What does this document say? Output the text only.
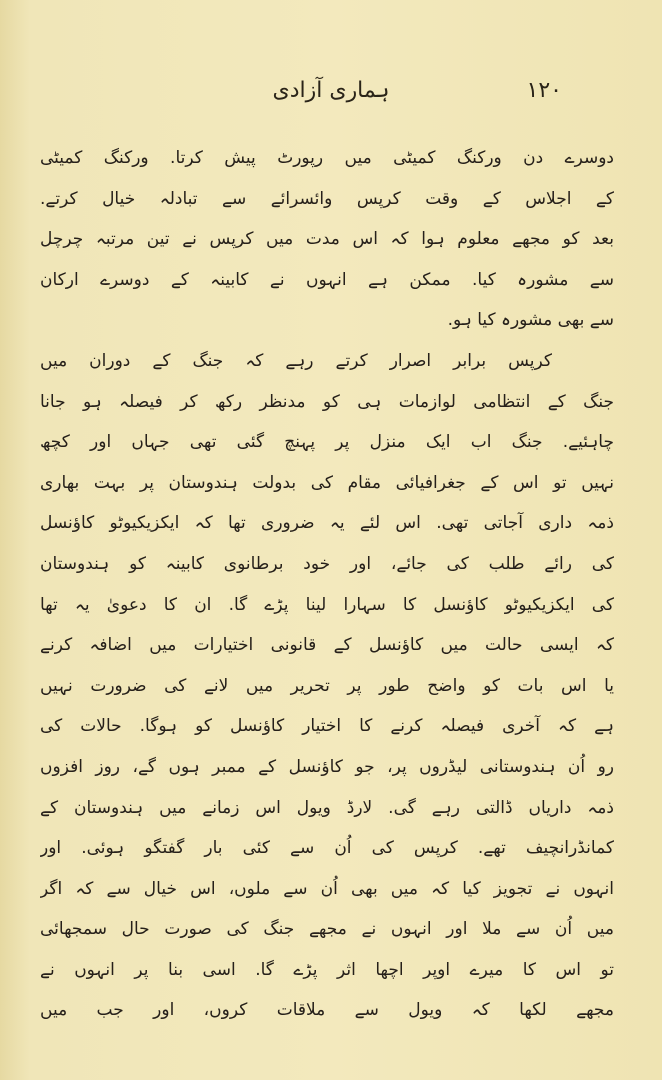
۱۲۰
ہماری آزادی
دوسرے دن ورکنگ کمیٹی میں رپورٹ پیش کرتا. ورکنگ کمیٹی
کے اجلاس کے وقت کرپس وائسرائے سے تبادلہ خیال کرتے.
بعد کو مجھے معلوم ہوا کہ اس مدت میں کرپس نے تین مرتبہ چرچل
سے مشورہ کیا. ممکن ہے انہوں نے کابینہ کے دوسرے ارکان
سے بھی مشورہ کیا ہو.
کرپس برابر اصرار کرتے رہے کہ جنگ کے دوران میں
جنگ کے انتظامی لوازمات ہی کو مدنظر رکھ کر فیصلہ ہو جانا
چاہئیے. جنگ اب ایک منزل پر پہنچ گئی تھی جہاں اور کچھ
نہیں تو اس کے جغرافیائی مقام کی بدولت ہندوستان پر بہت بھاری
ذمہ داری آجاتی تھی. اس لئے یہ ضروری تھا کہ ایکزیکیوٹو کاؤنسل
کی رائے طلب کی جائے، اور خود برطانوی کابینہ کو ہندوستان
کی ایکزیکیوٹو کاؤنسل کا سہارا لینا پڑے گا. ان کا دعویٰ یہ تھا
کہ ایسی حالت میں کاؤنسل کے قانونی اختیارات میں اضافہ کرنے
یا اس بات کو واضح طور پر تحریر میں لانے کی ضرورت نہیں
ہے کہ آخری فیصلہ کرنے کا اختیار کاؤنسل کو ہوگا. حالات کی
رو اُن ہندوستانی لیڈروں پر، جو کاؤنسل کے ممبر ہوں گے، روز افزوں
ذمہ داریاں ڈالتی رہے گی. لارڈ ویول اس زمانے میں ہندوستان کے
کمانڈرانچیف تھے. کرپس کی اُن سے کئی بار گفتگو ہوئی. اور
انہوں نے تجویز کیا کہ میں بھی اُن سے ملوں، اس خیال سے کہ اگر
میں اُن سے ملا اور انہوں نے مجھے جنگ کی صورت حال سمجھائی
تو اس کا میرے اوپر اچھا اثر پڑے گا. اسی بنا پر انہوں نے
مجھے لکھا کہ ویول سے ملاقات کروں، اور جب میں
